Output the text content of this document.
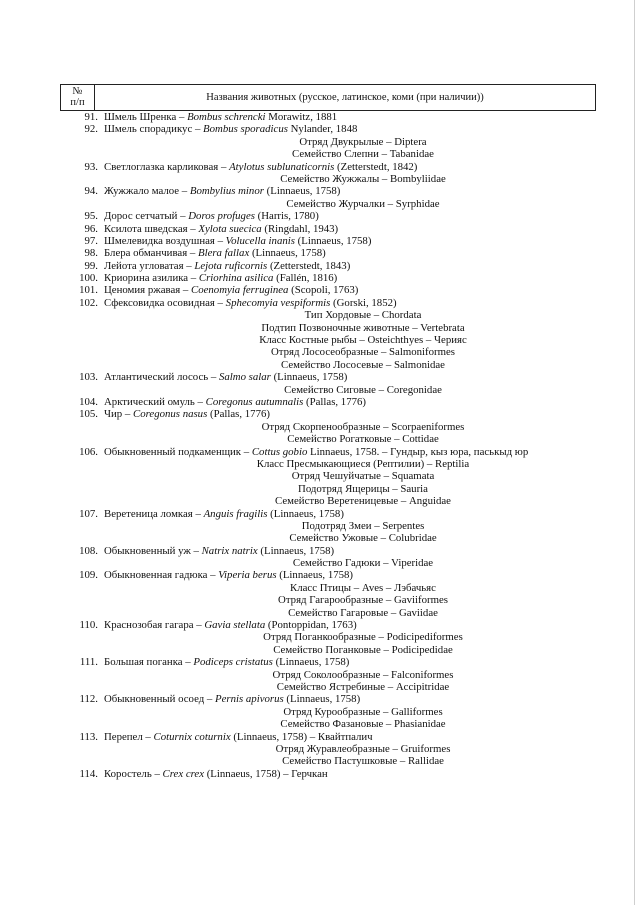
№
п/п	Названия животных (русское, латинское, коми (при наличии))
91. Шмель Шренка – Bombus schrencki Morawitz, 1881
92. Шмель спорадикус – Bombus sporadicus Nylander, 1848
Отряд Двукрылые – Diptera
Семейство Слепни – Tabanidae
93. Светлоглазка карликовая – Atylotus sublunaticornis (Zetterstedt, 1842)
Семейство Жужжалы – Bombyliidae
94. Жужжало малое – Bombylius minor (Linnaeus, 1758)
Семейство Журчалки – Syrphidae
95. Дорос сетчатый – Doros profuges (Harris, 1780)
96. Ксилота шведская – Xylota suecica (Ringdahl, 1943)
97. Шмелевидка воздушная – Volucella inanis (Linnaeus, 1758)
98. Блера обманчивая – Blera fallax (Linnaeus, 1758)
99. Лейота угловатая – Lejota ruficornis (Zetterstedt, 1843)
100. Криорина азилика – Criorhina asilica (Fallén, 1816)
101. Ценомия ржавая – Coenomyia ferruginea (Scopoli, 1763)
102. Сфексовидка осовидная – Sphecomyia vespiformis (Gorski, 1852)
Тип Хордовые – Chordata
Подтип Позвоночные животные – Vertebrata
Класс Костные рыбы – Osteichthyes – Черияс
Отряд Лососеобразные – Salmoniformes
Семейство Лососевые – Salmonidae
103. Атлантический лосось – Salmo salar (Linnaeus, 1758)
Семейство Сиговые – Coregonidae
104. Арктический омуль – Coregonus autumnalis (Pallas, 1776)
105. Чир – Coregonus nasus (Pallas, 1776)
Отряд Скорпенообразные – Scorpaeniformes
Семейство Рогатковые – Cottidae
106. Обыкновенный подкаменщик – Cottus gobio Linnaeus, 1758. – Гундыр, кыз юра, паськыд юр
Класс Пресмыкающиеся (Рептилии) – Reptilia
Отряд Чешуйчатые – Squamata
Подотряд Ящерицы – Sauria
Семейство Веретеницевые – Anguidae
107. Веретеница ломкая – Anguis fragilis (Linnaeus, 1758)
Подотряд Змеи – Serpentes
Семейство Ужовые – Colubridae
108. Обыкновенный уж – Natrix natrix (Linnaeus, 1758)
Семейство Гадюки – Viperidae
109. Обыкновенная гадюка – Viperia berus (Linnaeus, 1758)
Класс Птицы – Aves – Лэбачьяс
Отряд Гагарообразные – Gaviiformes
Семейство Гагаровые – Gaviidae
110. Краснозобая гагара – Gavia stellata (Pontoppidan, 1763)
Отряд Поганкообразные – Podicipediformes
Семейство Поганковые – Podicipedidae
111. Большая поганка – Podiceps cristatus (Linnaeus, 1758)
Отряд Соколообразные – Falconiformes
Семейство Ястребиные – Accipitridae
112. Обыкновенный осоед – Pernis apivorus (Linnaeus, 1758)
Отряд Курообразные – Galliformes
Семейство Фазановые – Phasianidae
113. Перепел – Coturnix coturnix (Linnaeus, 1758) – Квайтпалич
Отряд Журавлеобразные – Gruiformes
Семейство Пастушковые – Rallidae
114. Коростель – Crex crex (Linnaeus, 1758) – Герчкан
